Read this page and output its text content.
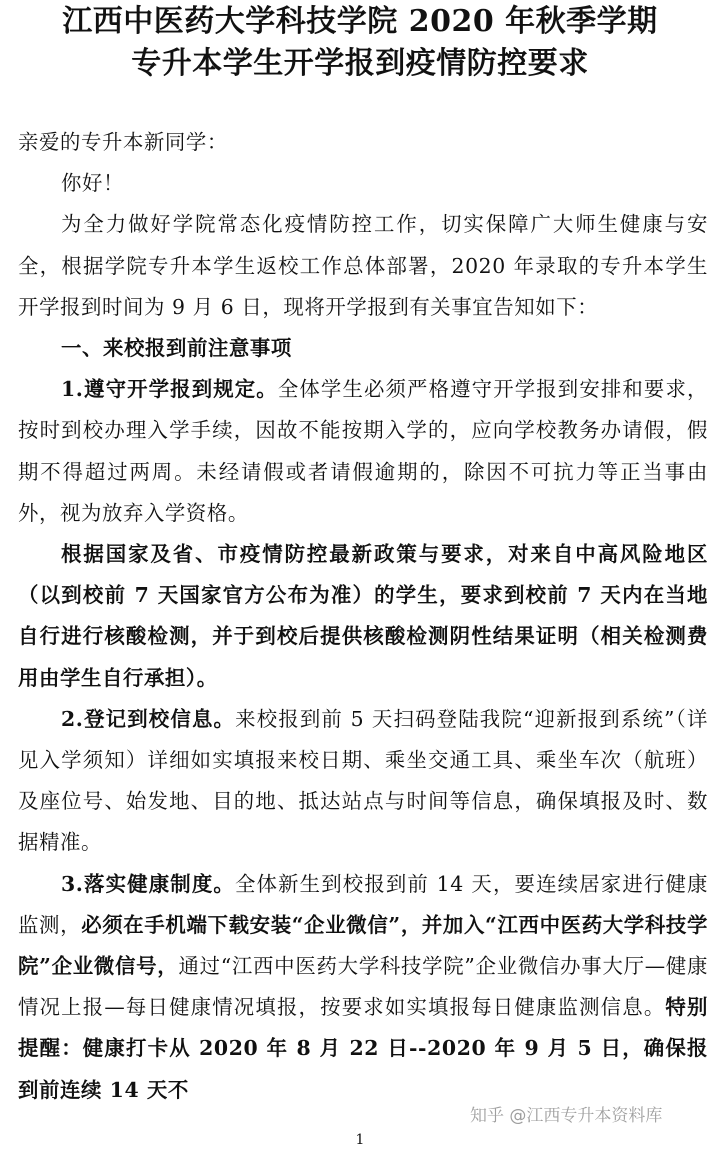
江西中医药大学科技学院 2020 年秋季学期
专升本学生开学报到疫情防控要求

亲爱的专升本新同学：

你好！

为全力做好学院常态化疫情防控工作，切实保障广大师生健康与安全，根据学院专升本学生返校工作总体部署，2020 年录取的专升本学生开学报到时间为 9 月 6 日，现将开学报到有关事宜告知如下：

一、来校报到前注意事项

1.遵守开学报到规定。全体学生必须严格遵守开学报到安排和要求，按时到校办理入学手续，因故不能按期入学的，应向学校教务办请假，假期不得超过两周。未经请假或者请假逾期的，除因不可抗力等正当事由外，视为放弃入学资格。

根据国家及省、市疫情防控最新政策与要求，对来自中高风险地区（以到校前 7 天国家官方公布为准）的学生，要求到校前 7 天内在当地自行进行核酸检测，并于到校后提供核酸检测阴性结果证明（相关检测费用由学生自行承担）。

2.登记到校信息。来校报到前 5 天扫码登陆我院“迎新报到系统”（详见入学须知）详细如实填报来校日期、乘坐交通工具、乘坐车次（航班）及座位号、始发地、目的地、抵达站点与时间等信息，确保填报及时、数据精准。

3.落实健康制度。全体新生到校报到前 14 天，要连续居家进行健康监测，必须在手机端下载安装“企业微信”，并加入“江西中医药大学科技学院”企业微信号，通过“江西中医药大学科技学院”企业微信办事大厅—健康情况上报—每日健康情况填报，按要求如实填报每日健康监测信息。特别提醒：健康打卡从 2020 年 8 月 22 日--2020 年 9 月 5 日，确保报到前连续 14 天不

知乎 @江西专升本资料库
1
